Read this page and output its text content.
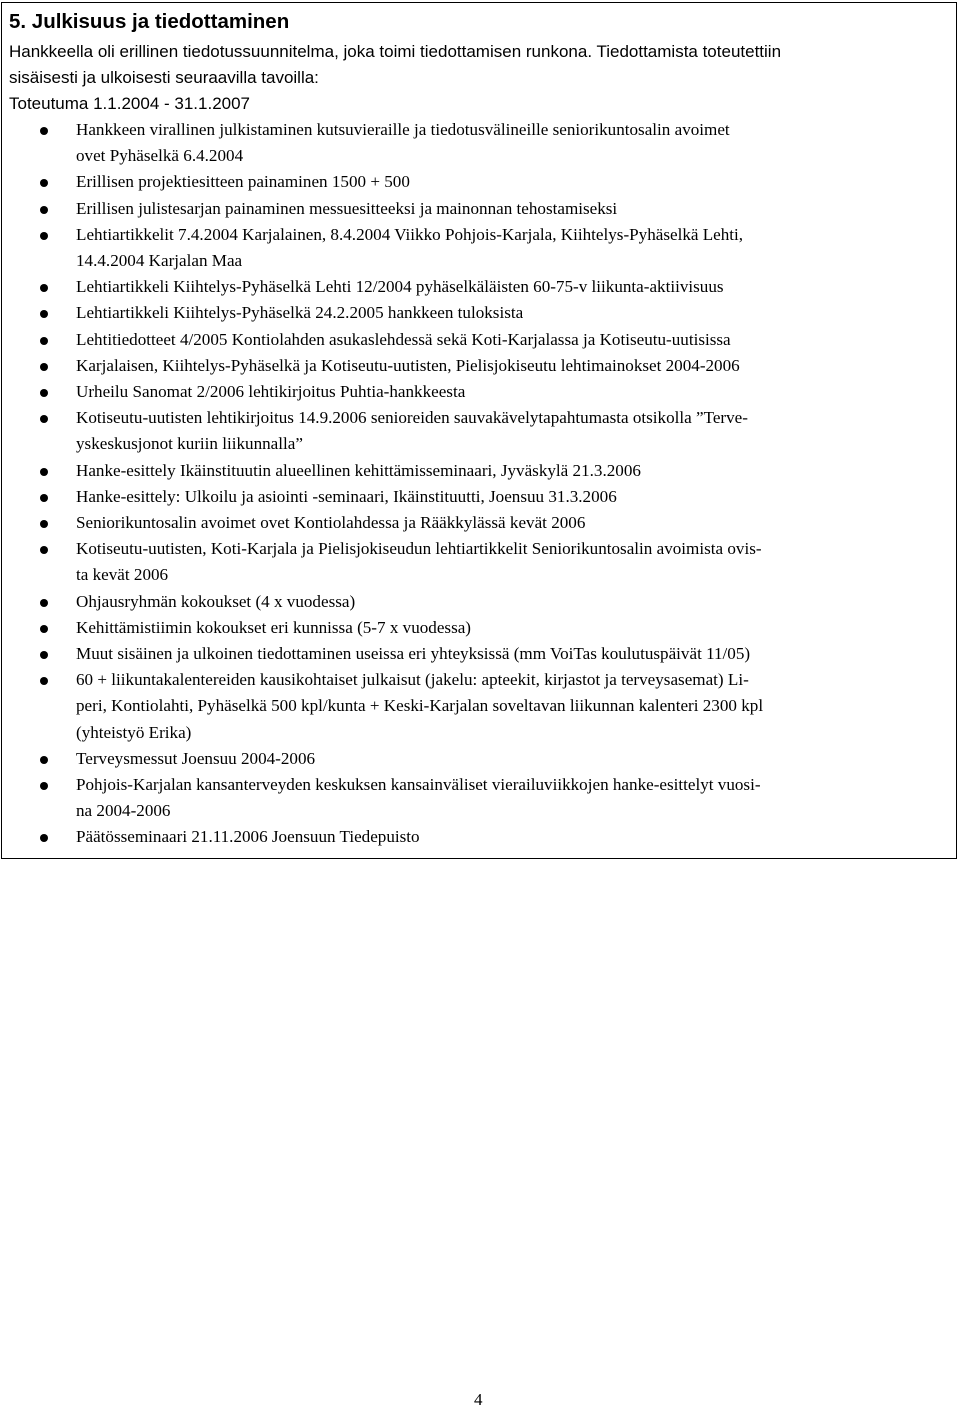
5. Julkisuus ja tiedottaminen

Hankkeella oli erillinen tiedotussuunnitelma, joka toimi tiedottamisen runkona. Tiedottamista toteutettiin
sisäisesti ja ulkoisesti seuraavilla tavoilla:
Toteutuma 1.1.2004 - 31.1.2007

Hankkeen virallinen julkistaminen kutsuvieraille ja tiedotusvälineille seniorikuntosalin avoimet
ovet Pyhäselkä 6.4.2004
Erillisen projektiesitteen painaminen 1500 + 500
Erillisen julistesarjan painaminen messuesitteeksi ja mainonnan tehostamiseksi
Lehtiartikkelit 7.4.2004 Karjalainen, 8.4.2004 Viikko Pohjois-Karjala, Kiihtelys-Pyhäselkä Lehti,
14.4.2004 Karjalan Maa
Lehtiartikkeli Kiihtelys-Pyhäselkä Lehti 12/2004 pyhäselkäläisten 60-75-v liikunta-aktiivisuus
Lehtiartikkeli Kiihtelys-Pyhäselkä 24.2.2005 hankkeen tuloksista
Lehtitiedotteet 4/2005 Kontiolahden asukaslehdessä sekä Koti-Karjalassa ja Kotiseutu-uutisissa
Karjalaisen, Kiihtelys-Pyhäselkä ja Kotiseutu-uutisten, Pielisjokiseutu lehtimainokset 2004-2006
Urheilu Sanomat 2/2006 lehtikirjoitus Puhtia-hankkeesta
Kotiseutu-uutisten lehtikirjoitus 14.9.2006 senioreiden sauvakävelytapahtumasta otsikolla ”Terve-
yskeskusjonot kuriin liikunnalla”
Hanke-esittely Ikäinstituutin alueellinen kehittämisseminaari, Jyväskylä 21.3.2006
Hanke-esittely: Ulkoilu ja asiointi -seminaari, Ikäinstituutti, Joensuu 31.3.2006
Seniorikuntosalin avoimet ovet Kontiolahdessa ja Rääkkylässä kevät 2006
Kotiseutu-uutisten, Koti-Karjala ja Pielisjokiseudun lehtiartikkelit Seniorikuntosalin avoimista ovis-
ta kevät 2006
Ohjausryhmän kokoukset (4 x vuodessa)
Kehittämistiimin kokoukset eri kunnissa (5-7 x vuodessa)
Muut sisäinen ja ulkoinen tiedottaminen useissa eri yhteyksissä (mm VoiTas koulutuspäivät 11/05)
60 + liikuntakalentereiden kausikohtaiset julkaisut (jakelu: apteekit, kirjastot ja terveysasemat) Li-
peri, Kontiolahti, Pyhäselkä 500 kpl/kunta + Keski-Karjalan soveltavan liikunnan kalenteri 2300 kpl
(yhteistyö Erika)
Terveysmessut Joensuu 2004-2006
Pohjois-Karjalan kansanterveyden keskuksen kansainväliset vierailuviikkojen hanke-esittelyt vuosi-
na 2004-2006
Päätösseminaari 21.11.2006 Joensuun Tiedepuisto
4
